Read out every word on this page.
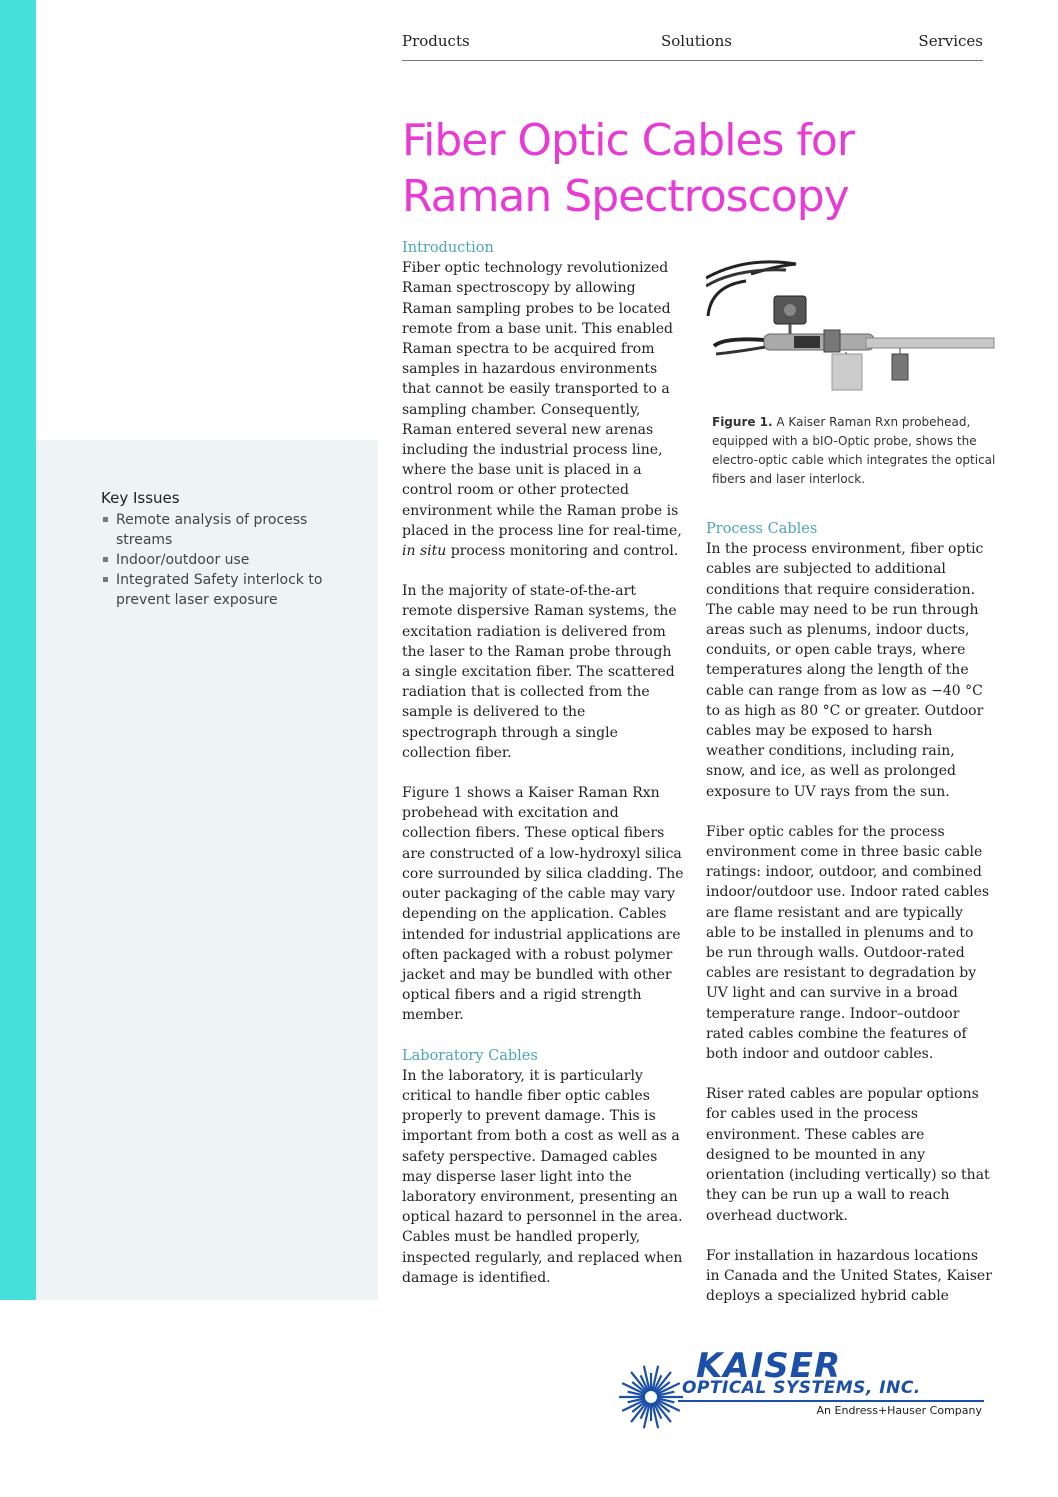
Products	Solutions	Services
Fiber Optic Cables for
Raman Spectroscopy
Key Issues
Remote analysis of process streams
Indoor/outdoor use
Integrated Safety interlock to prevent laser exposure
Introduction

Fiber optic technology revolutionized Raman spectroscopy by allowing Raman sampling probes to be located remote from a base unit. This enabled Raman spectra to be acquired from samples in hazardous environments that cannot be easily transported to a sampling chamber. Consequently, Raman entered several new arenas including the industrial process line, where the base unit is placed in a control room or other protected environment while the Raman probe is placed in the process line for real-time, in situ process monitoring and control.

In the majority of state-of-the-art remote dispersive Raman systems, the excitation radiation is delivered from the laser to the Raman probe through a single excitation fiber. The scattered radiation that is collected from the sample is delivered to the spectrograph through a single collection fiber.

Figure 1 shows a Kaiser Raman Rxn probehead with excitation and collection fibers. These optical fibers are constructed of a low-hydroxyl silica core surrounded by silica cladding. The outer packaging of the cable may vary depending on the application. Cables intended for industrial applications are often packaged with a robust polymer jacket and may be bundled with other optical fibers and a rigid strength member.

Laboratory Cables

In the laboratory, it is particularly critical to handle fiber optic cables properly to prevent damage. This is important from both a cost as well as a safety perspective. Damaged cables may disperse laser light into the laboratory environment, presenting an optical hazard to personnel in the area. Cables must be handled properly, inspected regularly, and replaced when damage is identified.

Figure 1. A Kaiser Raman Rxn probehead, equipped with a bIO-Optic probe, shows the electro-optic cable which integrates the optical fibers and laser interlock.
Process Cables

In the process environment, fiber optic cables are subjected to additional conditions that require consideration. The cable may need to be run through areas such as plenums, indoor ducts, conduits, or open cable trays, where temperatures along the length of the cable can range from as low as −40 °C to as high as 80 °C or greater. Outdoor cables may be exposed to harsh weather conditions, including rain, snow, and ice, as well as prolonged exposure to UV rays from the sun.

Fiber optic cables for the process environment come in three basic cable ratings: indoor, outdoor, and combined indoor/outdoor use. Indoor rated cables are flame resistant and are typically able to be installed in plenums and to be run through walls. Outdoor-rated cables are resistant to degradation by UV light and can survive in a broad temperature range. Indoor–outdoor rated cables combine the features of both indoor and outdoor cables.

Riser rated cables are popular options for cables used in the process environment. These cables are designed to be mounted in any orientation (including vertically) so that they can be run up a wall to reach overhead ductwork.

For installation in hazardous locations in Canada and the United States, Kaiser deploys a specialized hybrid cable

KAISER
OPTICAL SYSTEMS, INC.
An Endress+Hauser Company
